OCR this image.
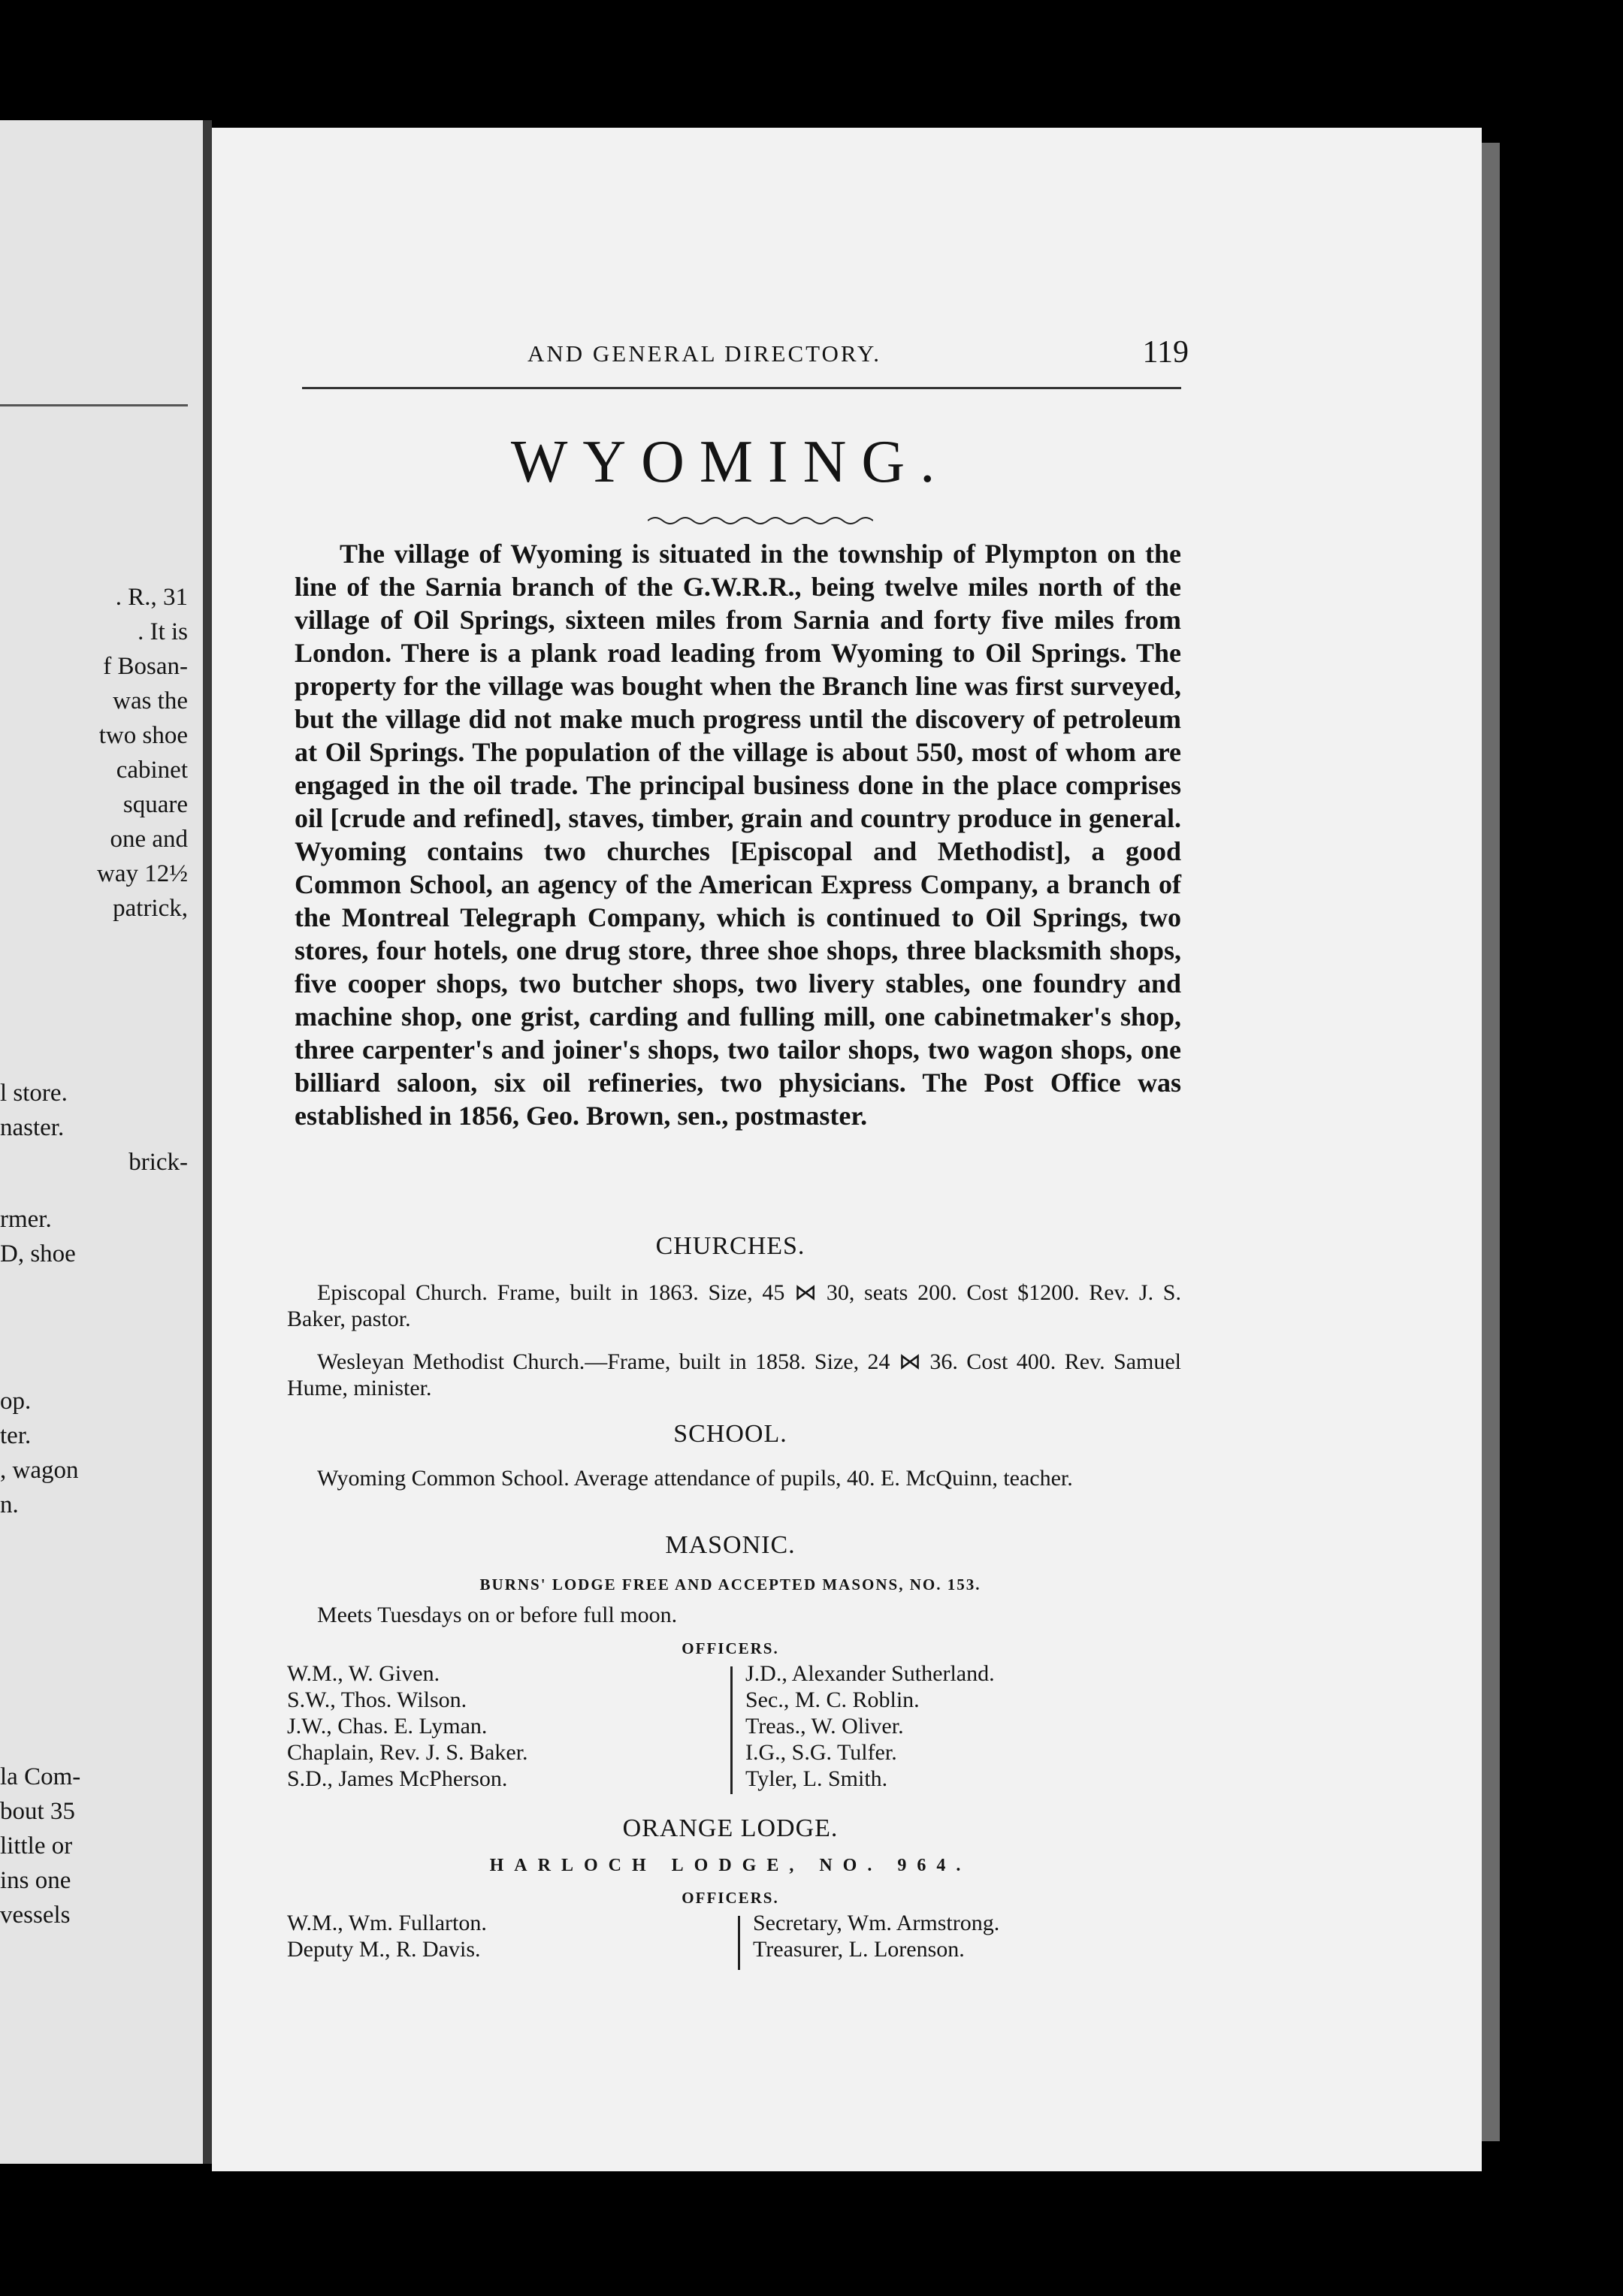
. R., 31
. It is
f Bosan-
was the
two shoe
cabinet
square
one and
way 12½
patrick,
l store.
naster.
brick-
rmer.
D, shoe
op.
ter.
, wagon
n.
la Com-
bout 35
little or
ins one
vessels
AND GENERAL DIRECTORY.	119
WYOMING.
The village of Wyoming is situated in the township of Plympton on the line of the Sarnia branch of the G.W.R.R., being twelve miles north of the village of Oil Springs, sixteen miles from Sarnia and forty five miles from London. There is a plank road leading from Wyoming to Oil Springs. The property for the village was bought when the Branch line was first surveyed, but the village did not make much progress until the discovery of petroleum at Oil Springs. The population of the village is about 550, most of whom are engaged in the oil trade. The principal business done in the place comprises oil [crude and refined], staves, timber, grain and country produce in general. Wyoming contains two churches [Episcopal and Methodist], a good Common School, an agency of the American Express Company, a branch of the Montreal Telegraph Company, which is continued to Oil Springs, two stores, four hotels, one drug store, three shoe shops, three blacksmith shops, five cooper shops, two butcher shops, two livery stables, one foundry and machine shop, one grist, carding and fulling mill, one cabinetmaker's shop, three carpenter's and joiner's shops, two tailor shops, two wagon shops, one billiard saloon, six oil refineries, two physicians. The Post Office was established in 1856, Geo. Brown, sen., postmaster.
CHURCHES.
Episcopal Church. Frame, built in 1863. Size, 45 ⋈ 30, seats 200. Cost $1200. Rev. J. S. Baker, pastor.
Wesleyan Methodist Church.—Frame, built in 1858. Size, 24 ⋈ 36. Cost 400. Rev. Samuel Hume, minister.
SCHOOL.
Wyoming Common School. Average attendance of pupils, 40. E. McQuinn, teacher.
MASONIC.
BURNS' LODGE FREE AND ACCEPTED MASONS, NO. 153.
Meets Tuesdays on or before full moon.
OFFICERS.
W.M., W. Given.
S.W., Thos. Wilson.
J.W., Chas. E. Lyman.
Chaplain, Rev. J. S. Baker.
S.D., James McPherson.
J.D., Alexander Sutherland.
Sec., M. C. Roblin.
Treas., W. Oliver.
I.G., S.G. Tulfer.
Tyler, L. Smith.
ORANGE LODGE.
HARLOCH LODGE, NO. 964.
OFFICERS.
W.M., Wm. Fullarton.
Deputy M., R. Davis.
Secretary, Wm. Armstrong.
Treasurer, L. Lorenson.
